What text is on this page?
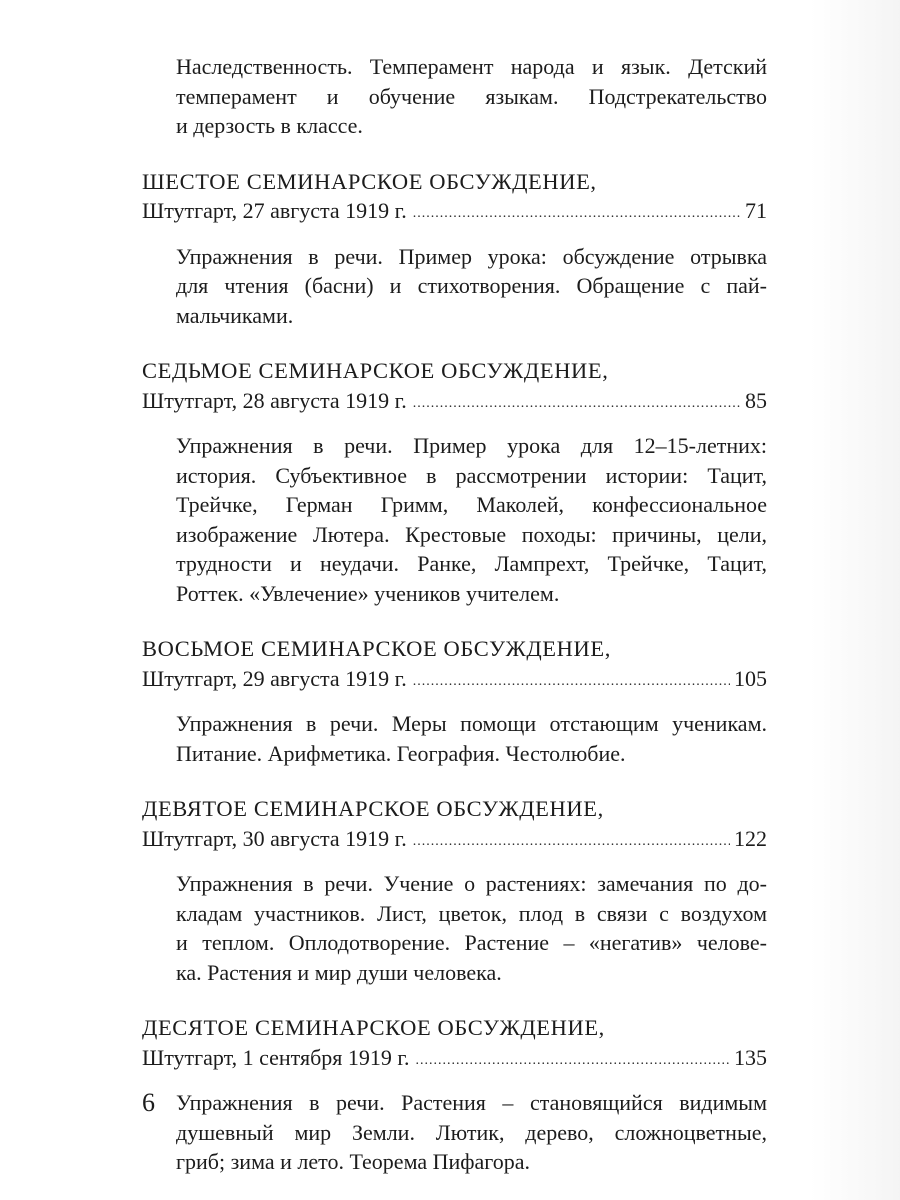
Наследственность. Темперамент народа и язык. Детский
темперамент и обучение языкам. Подстрекательство
и дерзость в классе.
ШЕСТОЕ СЕМИНАРСКОЕ ОБСУЖДЕНИЕ,
Штутгарт, 27 августа 1919 г. .....	71
Упражнения в речи. Пример урока: обсуждение отрывка
для чтения (басни) и стихотворения. Обращение с пай-
мальчиками.
СЕДЬМОЕ СЕМИНАРСКОЕ ОБСУЖДЕНИЕ,
Штутгарт, 28 августа 1919 г. .....	85
Упражнения в речи. Пример урока для 12–15-летних:
история. Субъективное в рассмотрении истории: Тацит,
Трейчке, Герман Гримм, Маколей, конфессиональное
изображение Лютера. Крестовые походы: причины, цели,
трудности и неудачи. Ранке, Лампрехт, Трейчке, Тацит,
Роттек. «Увлечение» учеников учителем.
ВОСЬМОЕ СЕМИНАРСКОЕ ОБСУЖДЕНИЕ,
Штутгарт, 29 августа 1919 г. .....	105
Упражнения в речи. Меры помощи отстающим ученикам.
Питание. Арифметика. География. Честолюбие.
ДЕВЯТОЕ СЕМИНАРСКОЕ ОБСУЖДЕНИЕ,
Штутгарт, 30 августа 1919 г. .....	122
Упражнения в речи. Учение о растениях: замечания по до-
кладам участников. Лист, цветок, плод в связи с воздухом
и теплом. Оплодотворение. Растение – «негатив» челове-
ка. Растения и мир души человека.
ДЕСЯТОЕ СЕМИНАРСКОЕ ОБСУЖДЕНИЕ,
Штутгарт, 1 сентября 1919 г. .....	135
Упражнения в речи. Растения – становящийся видимым
душевный мир Земли. Лютик, дерево, сложноцветные,
гриб; зима и лето. Теорема Пифагора.
6
